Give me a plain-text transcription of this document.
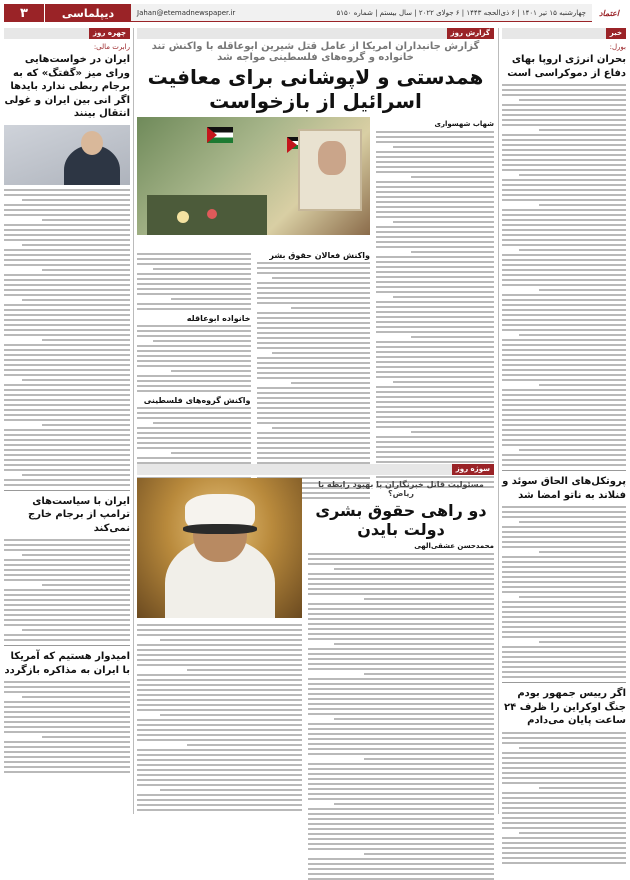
۳	دیپلماسی	Jahan@etemadnewspaper.ir	چهارشنبه ۱۵ تیر ۱۴۰۱ | ۶ ذی‌الحجه ۱۴۴۳ | ۶ جولای ۲۰۲۲ | سال بیستم | شماره ۵۱۵۰	اعتماد
چهره روز
رابرت مالی:
ایران در خواست‌هایی ورای میز «گفتگ» که به برجام ربطی ندارد بایدها اگر انی بین ایران و غولی انتقال بینند
ایران با سیاست‌های ترامپ از برجام خارج نمی‌کند
امیدوار هستیم که آمریکا با ایران به مذاکره بازگردد
خبر
بورل:
بحران انرژی اروپا بهای دفاع از دموکراسی است
پروتکل‌های الحاق سوئد و فنلاند به ناتو امضا شد
اگر رییس جمهور بودم جنگ اوکراین را ظرف ۲۴ ساعت پایان می‌دادم
گزارش روز
گزارش جانبداران امریکا از عامل قتل شیرین ابوعاقله با واکنش تند خانواده و گروه‌های فلسطینی مواجه شد
همدستی و لاپوشانی برای معافیت اسرائیل از بازخواست
شهاب شهسواری

واکنش فعالان حقوق بشر
خانواده ابوعاقله
واکنش گروه‌های فلسطینی
سوژه روز
مسئولیت قاتل خبرنگاران با بهبود رابطه با ریاض؟
دو راهی حقوق بشری دولت بایدن
محمدحسن عشقی‌الهی
